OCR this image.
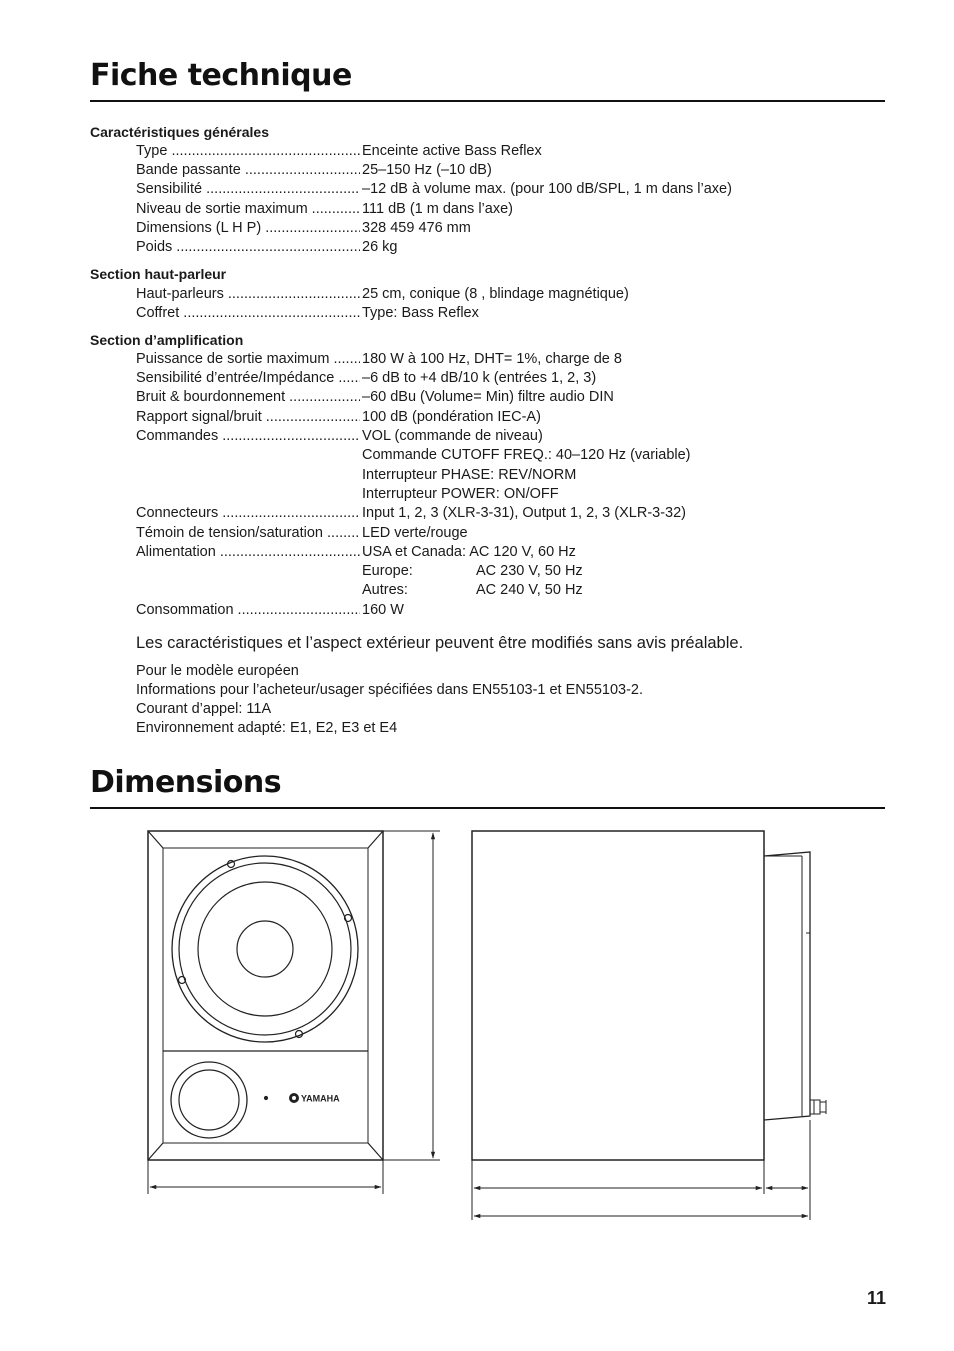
Fiche technique
Caractéristiques générales
Type .....	Enceinte active Bass Reflex
Bande passante .....	25–150 Hz (–10 dB)
Sensibilité .....	–12 dB à volume max. (pour 100 dB/SPL, 1 m dans l’axe)
Niveau de sortie maximum .....	111 dB (1 m dans l’axe)
Dimensions (L H P) .....	328 459 476 mm
Poids .....	26 kg
Section haut-parleur
Haut-parleurs .....	25 cm, conique (8 , blindage magnétique)
Coffret .....	Type: Bass Reflex
Section d’amplification
Puissance de sortie maximum .....	180 W à 100 Hz, DHT= 1%, charge de 8
Sensibilité d’entrée/Impédance .....	–6 dB to +4 dB/10 k (entrées 1, 2, 3)
Bruit & bourdonnement .....	–60 dBu (Volume= Min) filtre audio DIN
Rapport signal/bruit .....	100 dB (pondération IEC-A)
Commandes .....	VOL (commande de niveau)
Commande CUTOFF FREQ.: 40–120 Hz (variable)
Interrupteur PHASE: REV/NORM
Interrupteur POWER: ON/OFF
Connecteurs .....	Input 1, 2, 3 (XLR-3-31), Output 1, 2, 3 (XLR-3-32)
Témoin de tension/saturation .....	LED verte/rouge
Alimentation .....	USA et Canada: AC 120 V, 60 Hz
Europe:	AC 230 V, 50 Hz
Autres:	AC 240 V, 50 Hz
Consommation .....	160 W
Les caractéristiques et l’aspect extérieur peuvent être modifiés sans avis préalable.
Pour le modèle européen
Informations pour l’acheteur/usager spécifiées dans EN55103-1 et EN55103-2.
Courant d’appel: 11A
Environnement adapté: E1, E2, E3 et E4
Dimensions
YAMAHA
11
